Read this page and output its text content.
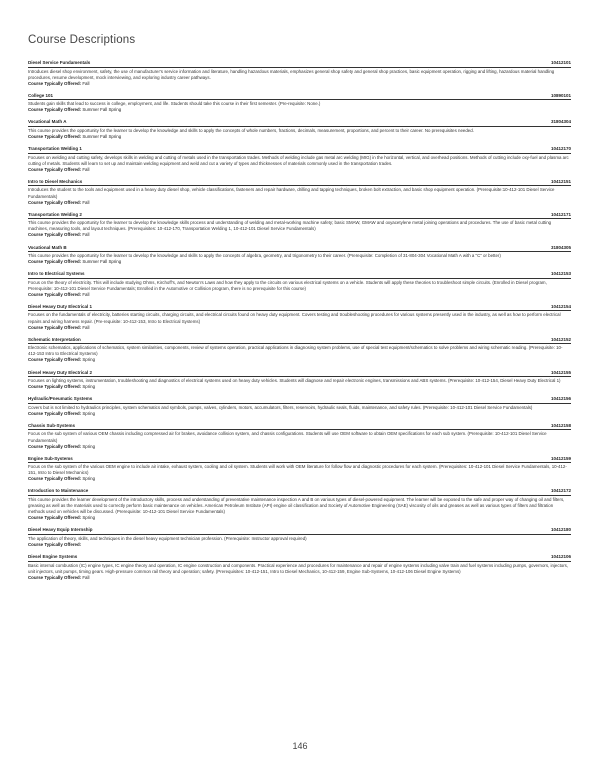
Course Descriptions
Diesel Service Fundamentals	10412101
Introduces diesel shop environment, safety, the use of manufacturer's service information and literature, handling hazardous materials, emphasizes general shop safety and general shop practices, basic equipment operation, rigging and lifting, hazardous material handling procedures, resume development, mock interviewing, and exploring industry career pathways.
Course Typically Offered: Fall
College 101	10890101
Students gain skills that lead to success in college, employment, and life. Students should take this course in their first semester. (Pre-requisite: None.)
Course Typically Offered: Summer Fall Spring
Vocational Math A	31804304
This course provides the opportunity for the learner to develop the knowledge and skills to apply the concepts of whole numbers, fractions, decimals, measurement, proportions, and percent to their career. No prerequisites needed.
Course Typically Offered: Summer Fall Spring
Transportation Welding 1	10412170
Focuses on welding and cutting safety, develops skills in welding and cutting of metals used in the transportation trades. Methods of welding include gas metal arc welding (MIG) in the horizontal, vertical, and overhead positions. Methods of cutting include oxy-fuel and plasma arc cutting of metals. Students will learn to set up and maintain welding equipment and weld and cut a variety of types and thicknesses of materials commonly used in the transportation trades.
Course Typically Offered: Fall
Intro to Diesel Mechanics	10412151
Introduces the student to the tools and equipment used in a heavy duty diesel shop, vehicle classifications, fasteners and repair hardware, drilling and tapping techniques, broken bolt extraction, and basic shop equipment operation. (Prerequisite:10-412-101 Diesel Service Fundamentals)
Course Typically Offered: Fall
Transportation Welding 2	10412171
This course provides the opportunity for the learner to develop the knowledge skills process and understanding of welding and metal-working machine safety; basic SMAW, GMAW and oxyacetylene metal joining operations and procedures. The use of basic metal cutting machines, measuring tools, and layout techniques. (Prerequisites: 10-412-170, Transportation Welding 1, 10-412-101 Diesel Service Fundamentals)
Course Typically Offered: Fall
Vocational Math B	31804305
This course provides the opportunity for the learner to develop the knowledge and skills to apply the concepts of algebra, geometry, and trigonometry to their career. (Prerequisite: Completion of 31-804-304 Vocational Math A with a "C" or better)
Course Typically Offered: Summer Fall Spring
Intro to Electrical Systems	10412153
Focus on the theory of electricity. This will include studying Ohms, Kirchoff's, and Newton's Laws and how they apply to the circuits on various electrical systems on a vehicle. Students will apply these theories to troubleshoot simple circuits. (Enrolled in Diesel program, Prerequisite: 10-412-101 Diesel Service Fundamentals; Enrolled in the Automotive or Collision program, there is no prerequisite for this course)
Course Typically Offered: Fall
Diesel Heavy Duty Electrical 1	10412154
Focuses on the fundamentals of electricity, batteries starting circuits, charging circuits, and electrical circuits found on heavy duty equipment. Covers testing and troubleshooting procedures for various systems presently used in the industry, as well as how to perform electrical repairs and wiring harness repair. (Pre-requisite: 10-412-153, Intro to Electrical Systems)
Course Typically Offered: Fall
Schematic Interpretation	10412152
Electronic schematics, applications of schematics, system similarities, components, review of systems operation, practical applications in diagnosing system problems, use of special test equipment/schematics to solve problems and wiring schematic reading. (Prerequisite: 10-412-153 Intro to Electrical Systems)
Course Typically Offered: Spring
Diesel Heavy Duty Electrical 2	10412155
Focuses on lighting systems, instrumentation, troubleshooting and diagnostics of electrical systems used on heavy duty vehicles. Students will diagnose and repair electronic engines, transmissions and ABS systems. (Prerequisite: 10-412-154, Diesel Heavy Duty Electrical 1)
Course Typically Offered: Spring
Hydraulic/Pneumatic Systems	10412156
Covers but is not limited to hydraulics principles, system schematics and symbols, pumps, valves, cylinders, motors, accumulators, filters, reservoirs, hydraulic seals, fluids, maintenance, and safety rules. (Prerequisite: 10-412-101 Diesel Service Fundamentals)
Course Typically Offered: Spring
Chassis Sub-Systems	10412158
Focus on the sub system of various OEM chassis including compressed air for brakes, avoidance collision system, and chassis configurations. Students will use OEM software to obtain OEM specifications for each sub system. (Prerequisite: 10-412-101 Diesel Service Fundamentals)
Course Typically Offered: Spring
Engine Sub-Systems	10412159
Focus on the sub system of the various OEM engine to include air intake, exhaust system, cooling and oil system. Students will work with OEM literature for follow flow and diagnostic procedures for each system. (Prerequisites: 10-412-101 Diesel Service Fundamentals, 10-412-151, Intro to Diesel Mechanics)
Course Typically Offered: Spring
Introduction to Maintenance	10412172
This course provides the learner development of the introductory skills, process and understanding of preventative maintenance inspection A and B on various types of diesel-powered equipment. The learner will be exposed to the safe and proper way of changing oil and filters, greasing as well as the materials used to correctly perform basic maintenance on vehicles. American Petroleum Institute (API) engine oil classification and Society of Automotive Engineering (SAE) viscosity of oils and greases as well as various types of filters and filtration methods used on vehicles will be discussed. (Prerequisite: 10-412-101 Diesel Service Fundamentals)
Course Typically Offered: Spring
Diesel Heavy Equip Internship	10412180
The application of theory, skills, and techniques in the diesel heavy equipment technician profession. (Prerequisite: Instructor approval required)
Course Typically Offered:
Diesel Engine Systems	10412106
Basic internal combustion (IC) engine types, IC engine theory and operation, IC engine construction and components. Practical experience and procedures for maintenance and repair of engine systems including valve train and fuel systems including pumps, governors, injectors, unit injectors, unit pumps, timing gears. High-pressure common rail theory and operation; safety. (Prerequisites: 10-412-151, Intro to Diesel Mechanics, 10-412-159, Engine Sub-Systems, 10-412-106 Diesel Engine Systems)
Course Typically Offered: Fall
146
